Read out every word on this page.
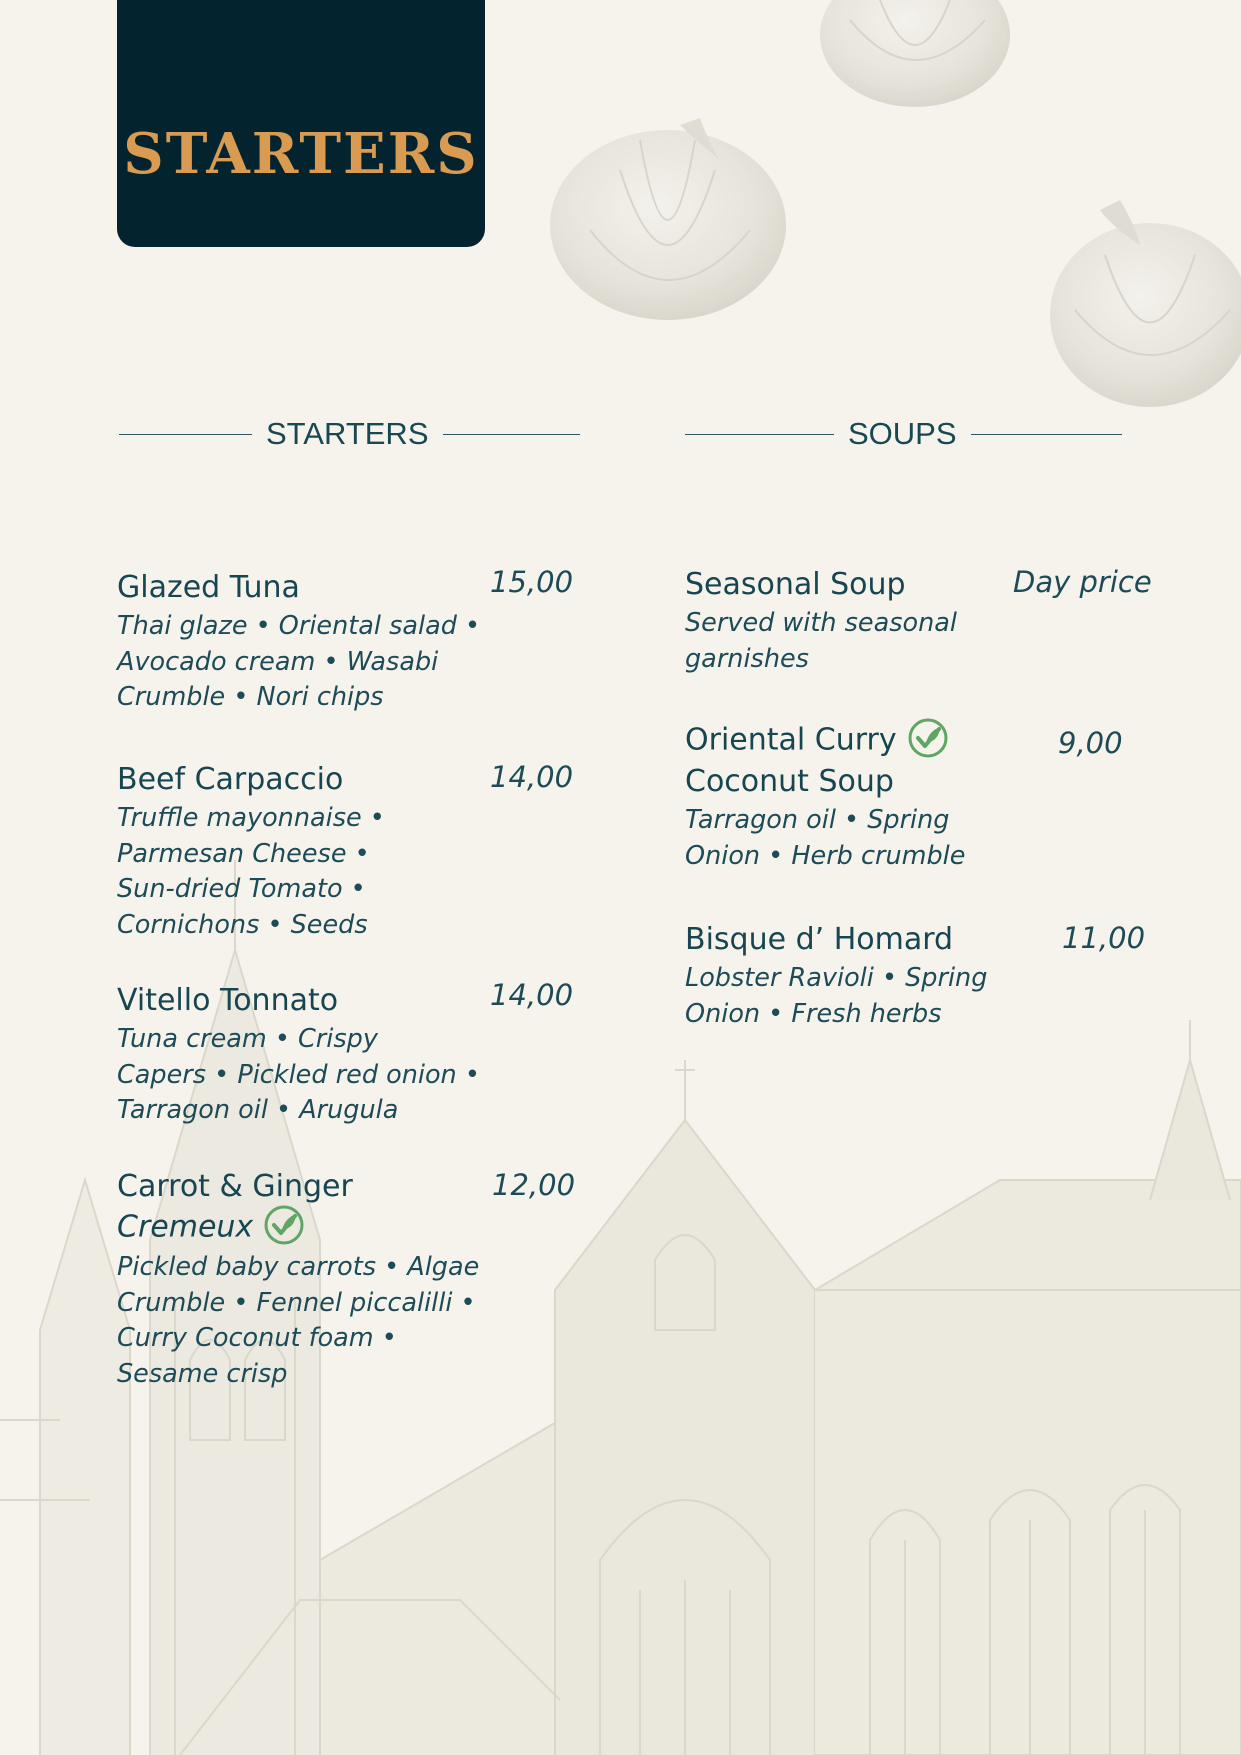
STARTERS
STARTERS	SOUPS
Glazed Tuna
Thai glaze • Oriental salad •
Avocado cream • Wasabi
Crumble • Nori chips
15,00
Beef Carpaccio
Truffle mayonnaise •
Parmesan Cheese •
Sun-dried Tomato •
Cornichons • Seeds
14,00
Vitello Tonnato
Tuna cream • Crispy
Capers • Pickled red onion •
Tarragon oil • Arugula
14,00
Carrot & Ginger
Cremeux
Pickled baby carrots • Algae
Crumble • Fennel piccalilli •
Curry Coconut foam •
Sesame crisp
12,00
Seasonal Soup
Served with seasonal
garnishes
Day price
Oriental Curry
Coconut Soup
Tarragon oil • Spring
Onion • Herb crumble
9,00
Bisque d’ Homard
Lobster Ravioli • Spring
Onion • Fresh herbs
11,00
